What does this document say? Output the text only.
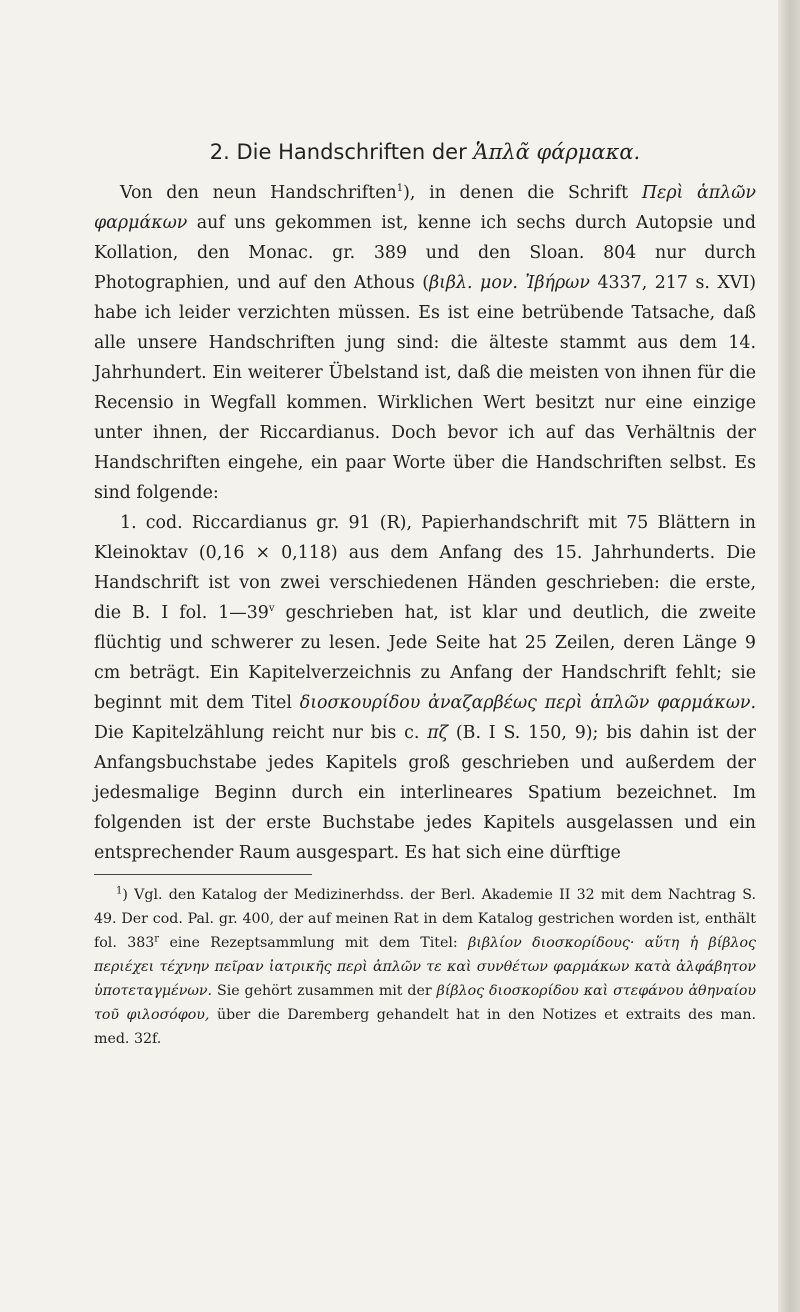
2. Die Handschriften der Ἁπλᾶ φάρμακα.

Von den neun Handschriften$^1$), in denen die Schrift Περὶ ἁπλῶν φαρμάκων auf uns gekommen ist, kenne ich sechs durch Autopsie und Kollation, den Monac. gr. 389 und den Sloan. 804 nur durch Photographien, und auf den Athous (βιβλ. μον. Ἰβήρων 4337, 217 s. XVI) habe ich leider verzichten müssen. Es ist eine betrübende Tatsache, daß alle unsere Handschriften jung sind: die älteste stammt aus dem 14. Jahrhundert. Ein weiterer Übelstand ist, daß die meisten von ihnen für die Recensio in Wegfall kommen. Wirklichen Wert besitzt nur eine einzige unter ihnen, der Riccardianus. Doch bevor ich auf das Verhältnis der Handschriften eingehe, ein paar Worte über die Handschriften selbst. Es sind folgende:

1. cod. Riccardianus gr. 91 (R), Papierhandschrift mit 75 Blättern in Kleinoktav (0,16 × 0,118) aus dem Anfang des 15. Jahrhunderts. Die Handschrift ist von zwei verschiedenen Händen geschrieben: die erste, die B. I fol. 1—39$^v$ geschrieben hat, ist klar und deutlich, die zweite flüchtig und schwerer zu lesen. Jede Seite hat 25 Zeilen, deren Länge 9 cm beträgt. Ein Kapitelverzeichnis zu Anfang der Handschrift fehlt; sie beginnt mit dem Titel διοσκουρίδου ἀναζαρβέως περὶ ἁπλῶν φαρμάκων. Die Kapitelzählung reicht nur bis c. πζ (B. I S. 150, 9); bis dahin ist der Anfangsbuchstabe jedes Kapitels groß geschrieben und außerdem der jedesmalige Beginn durch ein interlineares Spatium bezeichnet. Im folgenden ist der erste Buchstabe jedes Kapitels ausgelassen und ein entsprechender Raum ausgespart. Es hat sich eine dürftige

$^1$) Vgl. den Katalog der Medizinerhdss. der Berl. Akademie II 32 mit dem Nachtrag S. 49. Der cod. Pal. gr. 400, der auf meinen Rat in dem Katalog gestrichen worden ist, enthält fol. 383$^r$ eine Rezeptsammlung mit dem Titel: βιβλίον διοσκορίδους· αὕτη ἡ βίβλος περιέχει τέχνην πεῖραν ἰατρικῆς περὶ ἁπλῶν τε καὶ συνθέτων φαρμάκων κατὰ ἀλφάβητον ὑποτεταγμένων. Sie gehört zusammen mit der βίβλος διοσκορίδου καὶ στεφάνου ἀθηναίου τοῦ φιλοσόφου, über die Daremberg gehandelt hat in den Notizes et extraits des man. med. 32f.
